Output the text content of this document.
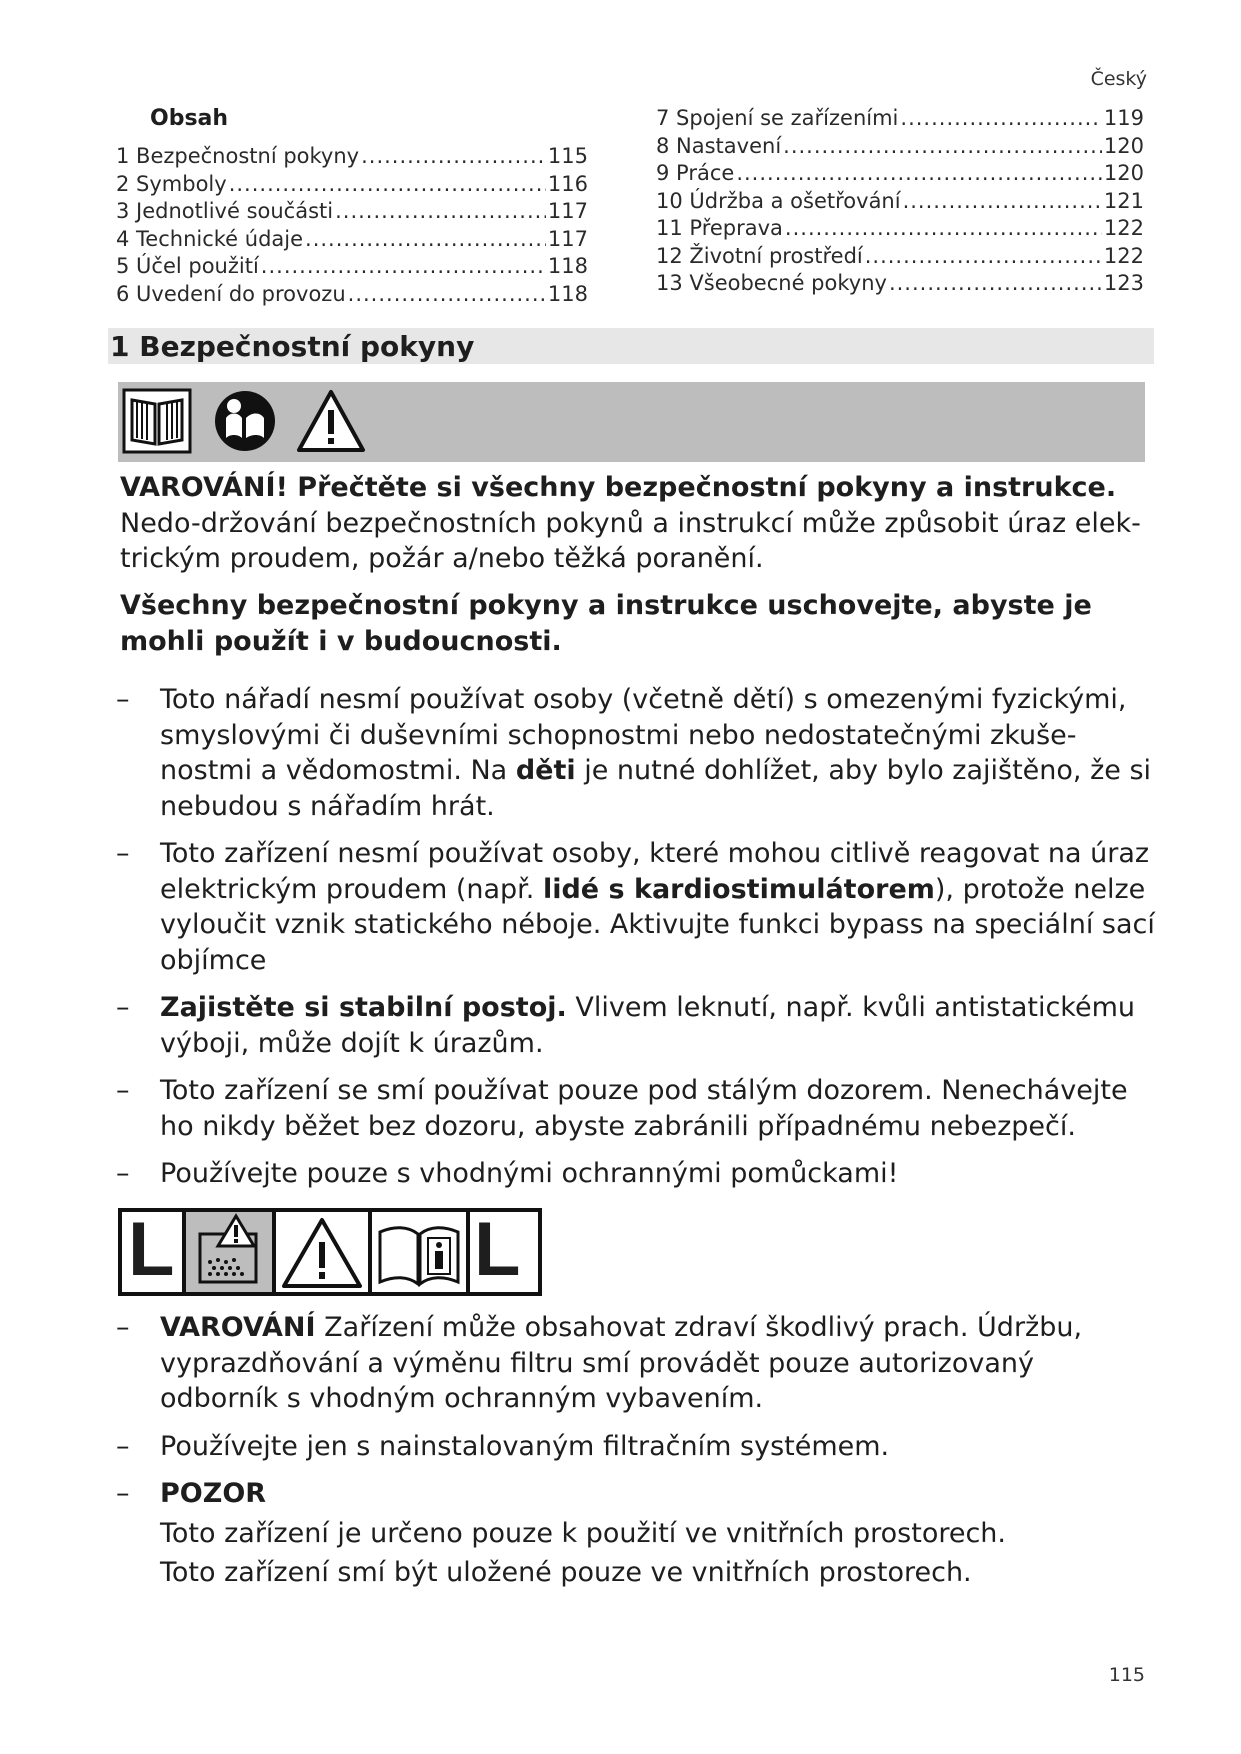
Český
Obsah
1 Bezpečnostní pokyny .....	115
2 Symboly .....	116
3 Jednotlivé součásti .....	117
4 Technické údaje .....	117
5 Účel použití .....	118
6 Uvedení do provozu .....	118
7 Spojení se zařízeními .....	119
8 Nastavení .....	120
9 Práce .....	120
10 Údržba a ošetřování .....	121
11 Přeprava .....	122
12 Životní prostředí .....	122
13 Všeobecné pokyny .....	123
1 Bezpečnostní pokyny
VAROVÁNÍ! Přečtěte si všechny bezpečnostní pokyny a instrukce. Nedo-držování bezpečnostních pokynů a instrukcí může způsobit úraz elek-trickým proudem, požár a/nebo těžká poranění.
Všechny bezpečnostní pokyny a instrukce uschovejte, abyste je mohli použít i v budoucnosti.
– Toto nářadí nesmí používat osoby (včetně dětí) s omezenými fyzickými, smyslovými či duševními schopnostmi nebo nedostatečnými zkuše-nostmi a vědomostmi. Na děti je nutné dohlížet, aby bylo zajištěno, že si nebudou s nářadím hrát.
– Toto zařízení nesmí používat osoby, které mohou citlivě reagovat na úraz elektrickým proudem (např. lidé s kardiostimulátorem), protože nelze vyloučit vznik statického néboje. Aktivujte funkci bypass na speciální sací objímce
– Zajistěte si stabilní postoj. Vlivem leknutí, např. kvůli antistatickému výboji, může dojít k úrazům.
– Toto zařízení se smí používat pouze pod stálým dozorem. Nenechávejte ho nikdy běžet bez dozoru, abyste zabránili případnému nebezpečí.
– Používejte pouze s vhodnými ochrannými pomůckami!
L	L
– VAROVÁNÍ Zařízení může obsahovat zdraví škodlivý prach. Údržbu, vyprazdňování a výměnu filtru smí provádět pouze autorizovaný odborník s vhodným ochranným vybavením.
– Používejte jen s nainstalovaným filtračním systémem.
– POZOR
Toto zařízení je určeno pouze k použití ve vnitřních prostorech.
Toto zařízení smí být uložené pouze ve vnitřních prostorech.
115
